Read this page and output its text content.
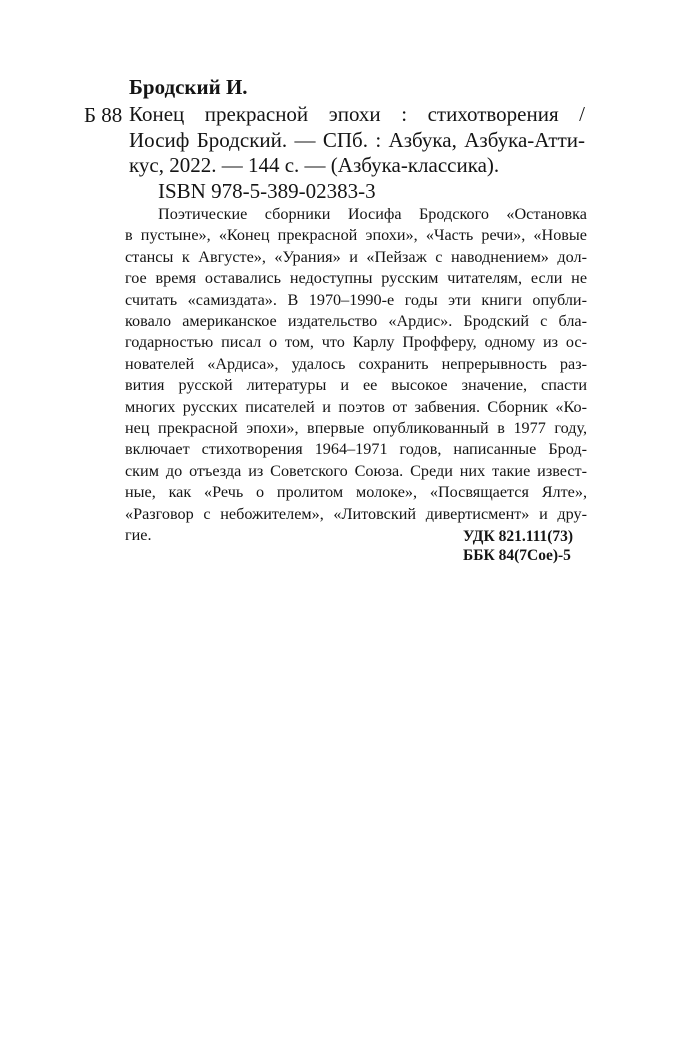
Бродский И.
Б 88 Конец прекрасной эпохи : стихотворения /
Иосиф Бродский. — СПб. : Азбука, Азбука-Атти-
кус, 2022. — 144 с. — (Азбука-классика).
ISBN 978-5-389-02383-3
Поэтические сборники Иосифа Бродского «Остановка
в пустыне», «Конец прекрасной эпохи», «Часть речи», «Новые
стансы к Августе», «Урания» и «Пейзаж с наводнением» дол-
гое время оставались недоступны русским читателям, если не
считать «самиздата». В 1970–1990-е годы эти книги опубли-
ковало американское издательство «Ардис». Бродский с бла-
годарностью писал о том, что Карлу Профферу, одному из ос-
нователей «Ардиса», удалось сохранить непрерывность раз-
вития русской литературы и ее высокое значение, спасти
многих русских писателей и поэтов от забвения. Сборник «Ко-
нец прекрасной эпохи», впервые опубликованный в 1977 году,
включает стихотворения 1964–1971 годов, написанные Брод-
ским до отъезда из Советского Союза. Среди них такие извест-
ные, как «Речь о пролитом молоке», «Посвящается Ялте»,
«Разговор с небожителем», «Литовский дивертисмент» и дру-
гие.	УДК 821.111(73)
ББК 84(7Сое)-5
